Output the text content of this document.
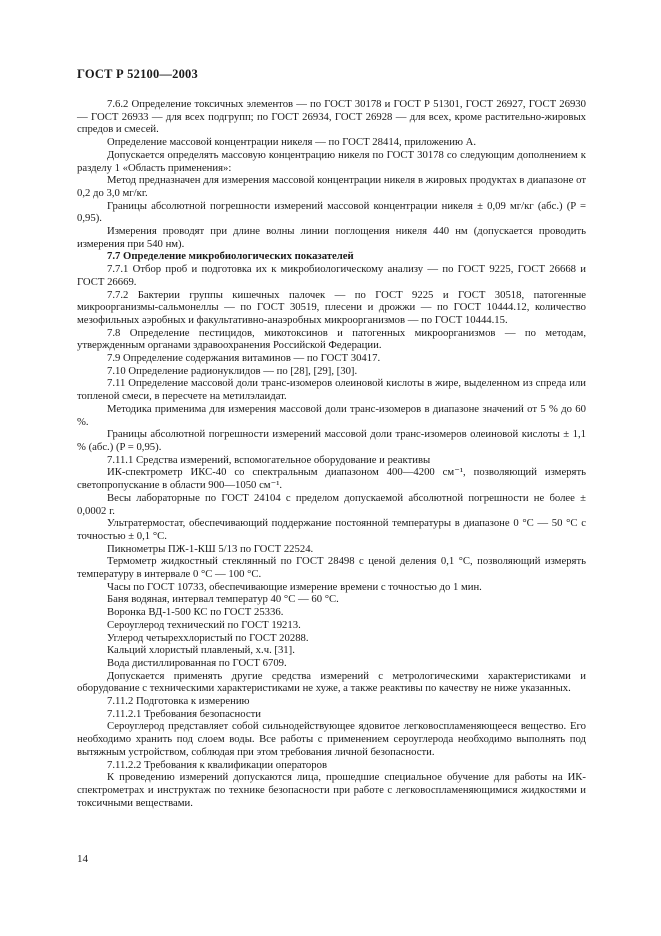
ГОСТ Р 52100—2003

7.6.2 Определение токсичных элементов — по ГОСТ 30178 и ГОСТ Р 51301, ГОСТ 26927, ГОСТ 26930 — ГОСТ 26933 — для всех подгрупп; по ГОСТ 26934, ГОСТ 26928 — для всех, кроме растительно-жировых спредов и смесей.

Определение массовой концентрации никеля — по ГОСТ 28414, приложению А.

Допускается определять массовую концентрацию никеля по ГОСТ 30178 со следующим дополнением к разделу 1 «Область применения»:

Метод предназначен для измерения массовой концентрации никеля в жировых продуктах в диапазоне от 0,2 до 3,0 мг/кг.

Границы абсолютной погрешности измерений массовой концентрации никеля ± 0,09 мг/кг (абс.) (P = 0,95).

Измерения проводят при длине волны линии поглощения никеля 440 нм (допускается проводить измерения при 540 нм).

7.7 Определение микробиологических показателей

7.7.1 Отбор проб и подготовка их к микробиологическому анализу — по ГОСТ 9225, ГОСТ 26668 и ГОСТ 26669.

7.7.2 Бактерии группы кишечных палочек — по ГОСТ 9225 и ГОСТ 30518, патогенные микроорганизмы-сальмонеллы — по ГОСТ 30519, плесени и дрожжи — по ГОСТ 10444.12, количество мезофильных аэробных и факультативно-анаэробных микроорганизмов — по ГОСТ 10444.15.

7.8 Определение пестицидов, микотоксинов и патогенных микроорганизмов — по методам, утвержденным органами здравоохранения Российской Федерации.

7.9 Определение содержания витаминов — по ГОСТ 30417.

7.10 Определение радионуклидов — по [28], [29], [30].

7.11 Определение массовой доли транс-изомеров олеиновой кислоты в жире, выделенном из спреда или топленой смеси, в пересчете на метилэлаидат.

Методика применима для измерения массовой доли транс-изомеров в диапазоне значений от 5 % до 60 %.

Границы абсолютной погрешности измерений массовой доли транс-изомеров олеиновой кислоты ± 1,1 % (абс.) (P = 0,95).

7.11.1 Средства измерений, вспомогательное оборудование и реактивы

ИК-спектрометр ИКС-40 со спектральным диапазоном 400—4200 см⁻¹, позволяющий измерять светопропускание в области 900—1050 см⁻¹.

Весы лабораторные по ГОСТ 24104 с пределом допускаемой абсолютной погрешности не более ± 0,0002 г.

Ультратермостат, обеспечивающий поддержание постоянной температуры в диапазоне 0 °С — 50 °С с точностью ± 0,1 °С.

Пикнометры ПЖ-1-КШ 5/13 по ГОСТ 22524.

Термометр жидкостный стеклянный по ГОСТ 28498 с ценой деления 0,1 °С, позволяющий измерять температуру в интервале 0 °С — 100 °С.

Часы по ГОСТ 10733, обеспечивающие измерение времени с точностью до 1 мин.

Баня водяная, интервал температур 40 °С — 60 °С.

Воронка ВД-1-500 КС по ГОСТ 25336.

Сероуглерод технический по ГОСТ 19213.

Углерод четыреххлористый по ГОСТ 20288.

Кальций хлористый плавленый, х.ч. [31].

Вода дистиллированная по ГОСТ 6709.

Допускается применять другие средства измерений с метрологическими характеристиками и оборудование с техническими характеристиками не хуже, а также реактивы по качеству не ниже указанных.

7.11.2 Подготовка к измерению

7.11.2.1 Требования безопасности

Сероуглерод представляет собой сильнодействующее ядовитое легковоспламеняющееся вещество. Его необходимо хранить под слоем воды. Все работы с применением сероуглерода необходимо выполнять под вытяжным устройством, соблюдая при этом требования личной безопасности.

7.11.2.2 Требования к квалификации операторов

К проведению измерений допускаются лица, прошедшие специальное обучение для работы на ИК-спектрометрах и инструктаж по технике безопасности при работе с легковоспламеняющимися жидкостями и токсичными веществами.

14
